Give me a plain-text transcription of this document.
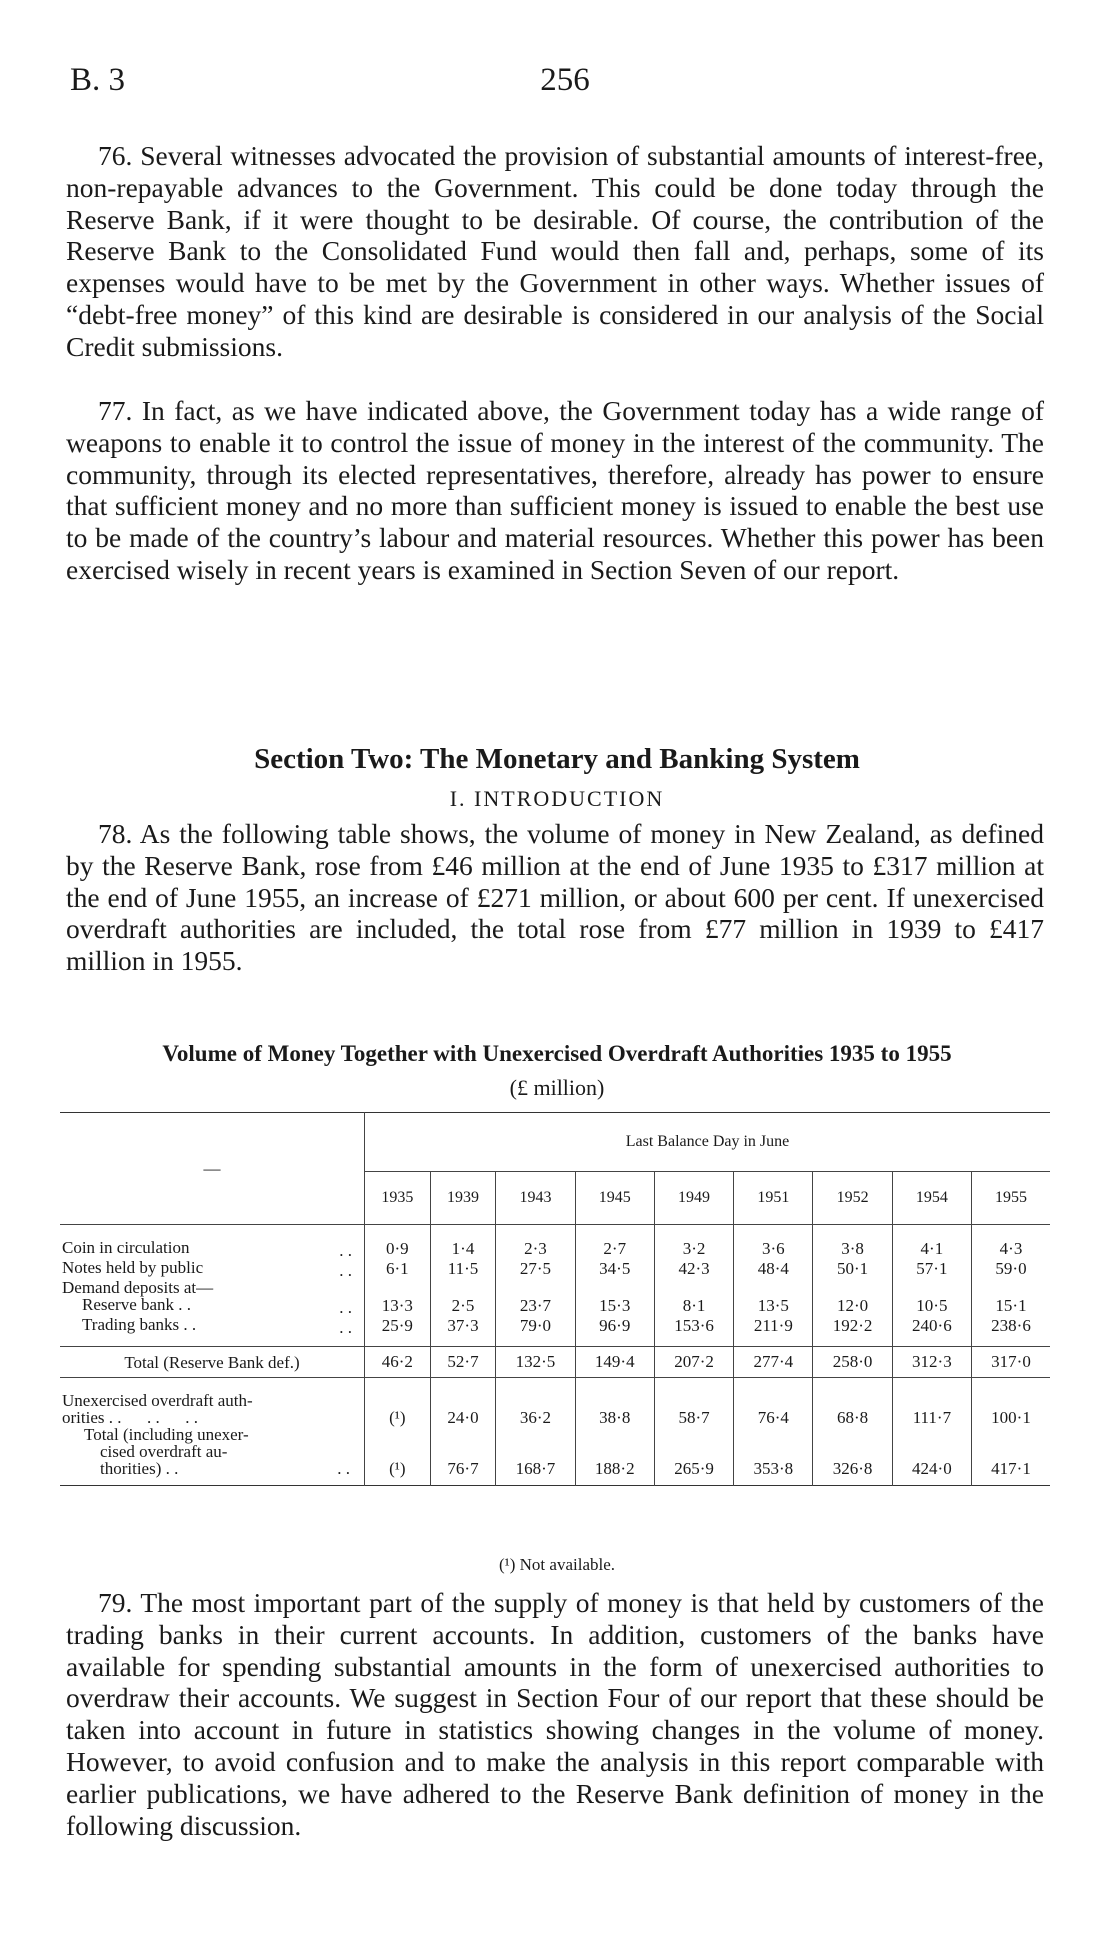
B. 3	256

76. Several witnesses advocated the provision of substantial amounts of interest-free, non-repayable advances to the Government. This could be done today through the Reserve Bank, if it were thought to be desirable. Of course, the contribution of the Reserve Bank to the Consolidated Fund would then fall and, perhaps, some of its expenses would have to be met by the Government in other ways. Whether issues of “debt-free money” of this kind are desirable is considered in our analysis of the Social Credit submissions.

77. In fact, as we have indicated above, the Government today has a wide range of weapons to enable it to control the issue of money in the interest of the community. The community, through its elected representatives, therefore, already has power to ensure that sufficient money and no more than sufficient money is issued to enable the best use to be made of the country’s labour and material resources. Whether this power has been exercised wisely in recent years is examined in Section Seven of our report.

Section Two: The Monetary and Banking System
I. INTRODUCTION

78. As the following table shows, the volume of money in New Zealand, as defined by the Reserve Bank, rose from £46 million at the end of June 1935 to £317 million at the end of June 1955, an increase of £271 million, or about 600 per cent. If unexercised overdraft authorities are included, the total rose from £77 million in 1939 to £417 million in 1955.

Volume of Money Together with Unexercised Overdraft Authorities 1935 to 1955
(£ million)
—	Last Balance Day in June								
	1935	1939	1943	1945	1949	1951	1952	1954	1955
Coin in circulation . .	0·9	1·4	2·3	2·7	3·2	3·6	3·8	4·1	4·3
Notes held by public . .	6·1	11·5	27·5	34·5	42·3	48·4	50·1	57·1	59·0
Demand deposits at—									
Reserve bank . . . .	13·3	2·5	23·7	15·3	8·1	13·5	12·0	10·5	15·1
Trading banks . . . .	25·9	37·3	79·0	96·9	153·6	211·9	192·2	240·6	238·6
Total (Reserve Bank def.)	46·2	52·7	132·5	149·4	207·2	277·4	258·0	312·3	317·0

Unexercised overdraft auth-
orities . .      . .      . .	(¹)	24·0	36·2	38·8	58·7	76·4	68·8	111·7	100·1

Total (including unexer-
cised overdraft au-
thorities) . . . .	(¹)	76·7	168·7	188·2	265·9	353·8	326·8	424·0	417·1
(¹) Not available.

79. The most important part of the supply of money is that held by customers of the trading banks in their current accounts. In addition, customers of the banks have available for spending substantial amounts in the form of unexercised authorities to overdraw their accounts. We suggest in Section Four of our report that these should be taken into account in future in statistics showing changes in the volume of money. However, to avoid confusion and to make the analysis in this report comparable with earlier publications, we have adhered to the Reserve Bank definition of money in the following discussion.
